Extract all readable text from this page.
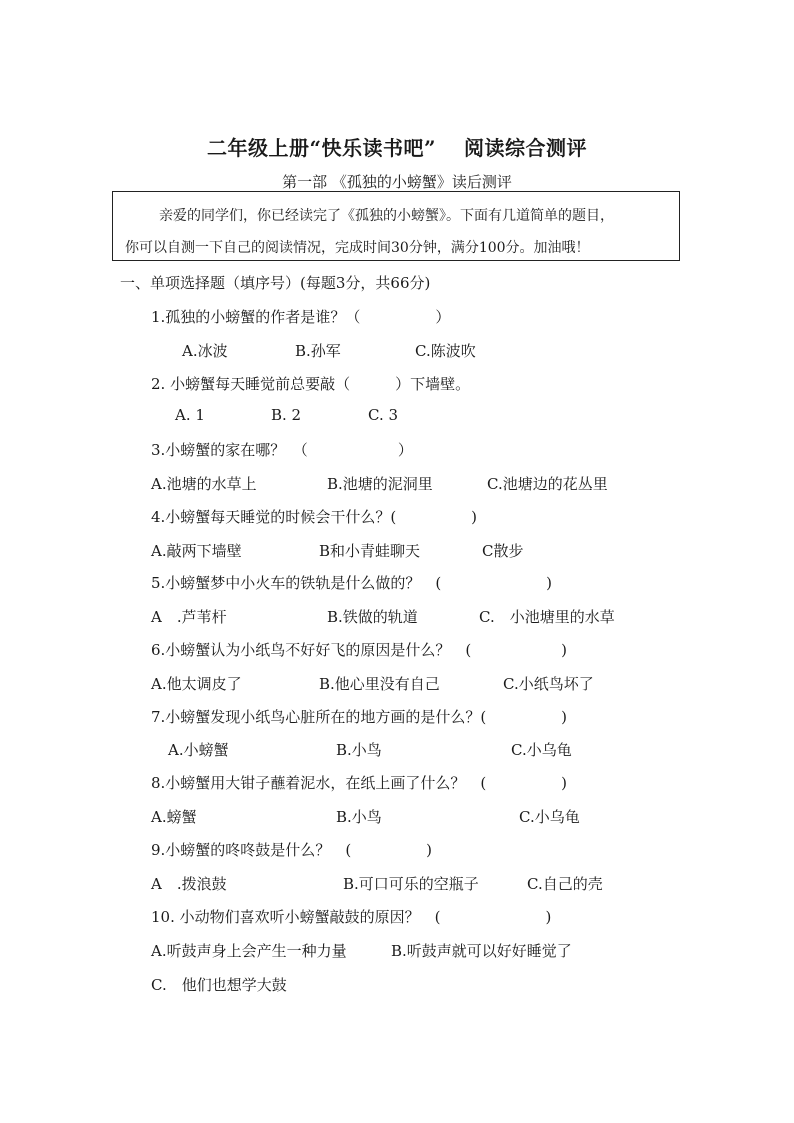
二年级上册“快乐读书吧”　 阅读综合测评
第一部 《孤独的小螃蟹》读后测评
亲爱的同学们，你已经读完了《孤独的小螃蟹》。下面有几道简单的题目，
你可以自测一下自己的阅读情况，完成时间30分钟，满分100分。加油哦！
一、单项选择题（填序号）(每题3分，共66分)
1.孤独的小螃蟹的作者是谁？（　　　　　）
A.冰波	B.孙军	C.陈波吹
2. 小螃蟹每天睡觉前总要敲（　　　）下墙壁。
A. 1	B. 2	C. 3
3.小螃蟹的家在哪？　（　　　　　　）
A.池塘的水草上	B.池塘的泥洞里	C.池塘边的花丛里
4.小螃蟹每天睡觉的时候会干什么？(　　　　　)
A.敲两下墙壁	B和小青蛙聊天	C散步
5.小螃蟹梦中小火车的铁轨是什么做的？　(　　　　　　　)
A　.芦苇杆	B.铁做的轨道	C.　小池塘里的水草
6.小螃蟹认为小纸鸟不好好飞的原因是什么？　(　　　　　　)
A.他太调皮了	B.他心里没有自己	C.小纸鸟坏了
7.小螃蟹发现小纸鸟心脏所在的地方画的是什么？(　　　　　)
A.小螃蟹	B.小鸟	C.小乌龟
8.小螃蟹用大钳子蘸着泥水，在纸上画了什么？　(　　　　　)
A.螃蟹	B.小鸟	C.小乌龟
9.小螃蟹的咚咚鼓是什么？　(　　　　　)
A　.拨浪鼓	B.可口可乐的空瓶子	C.自己的壳
10. 小动物们喜欢听小螃蟹敲鼓的原因？　(　　　　　　　)
A.听鼓声身上会产生一种力量	B.听鼓声就可以好好睡觉了
C.　他们也想学大鼓
